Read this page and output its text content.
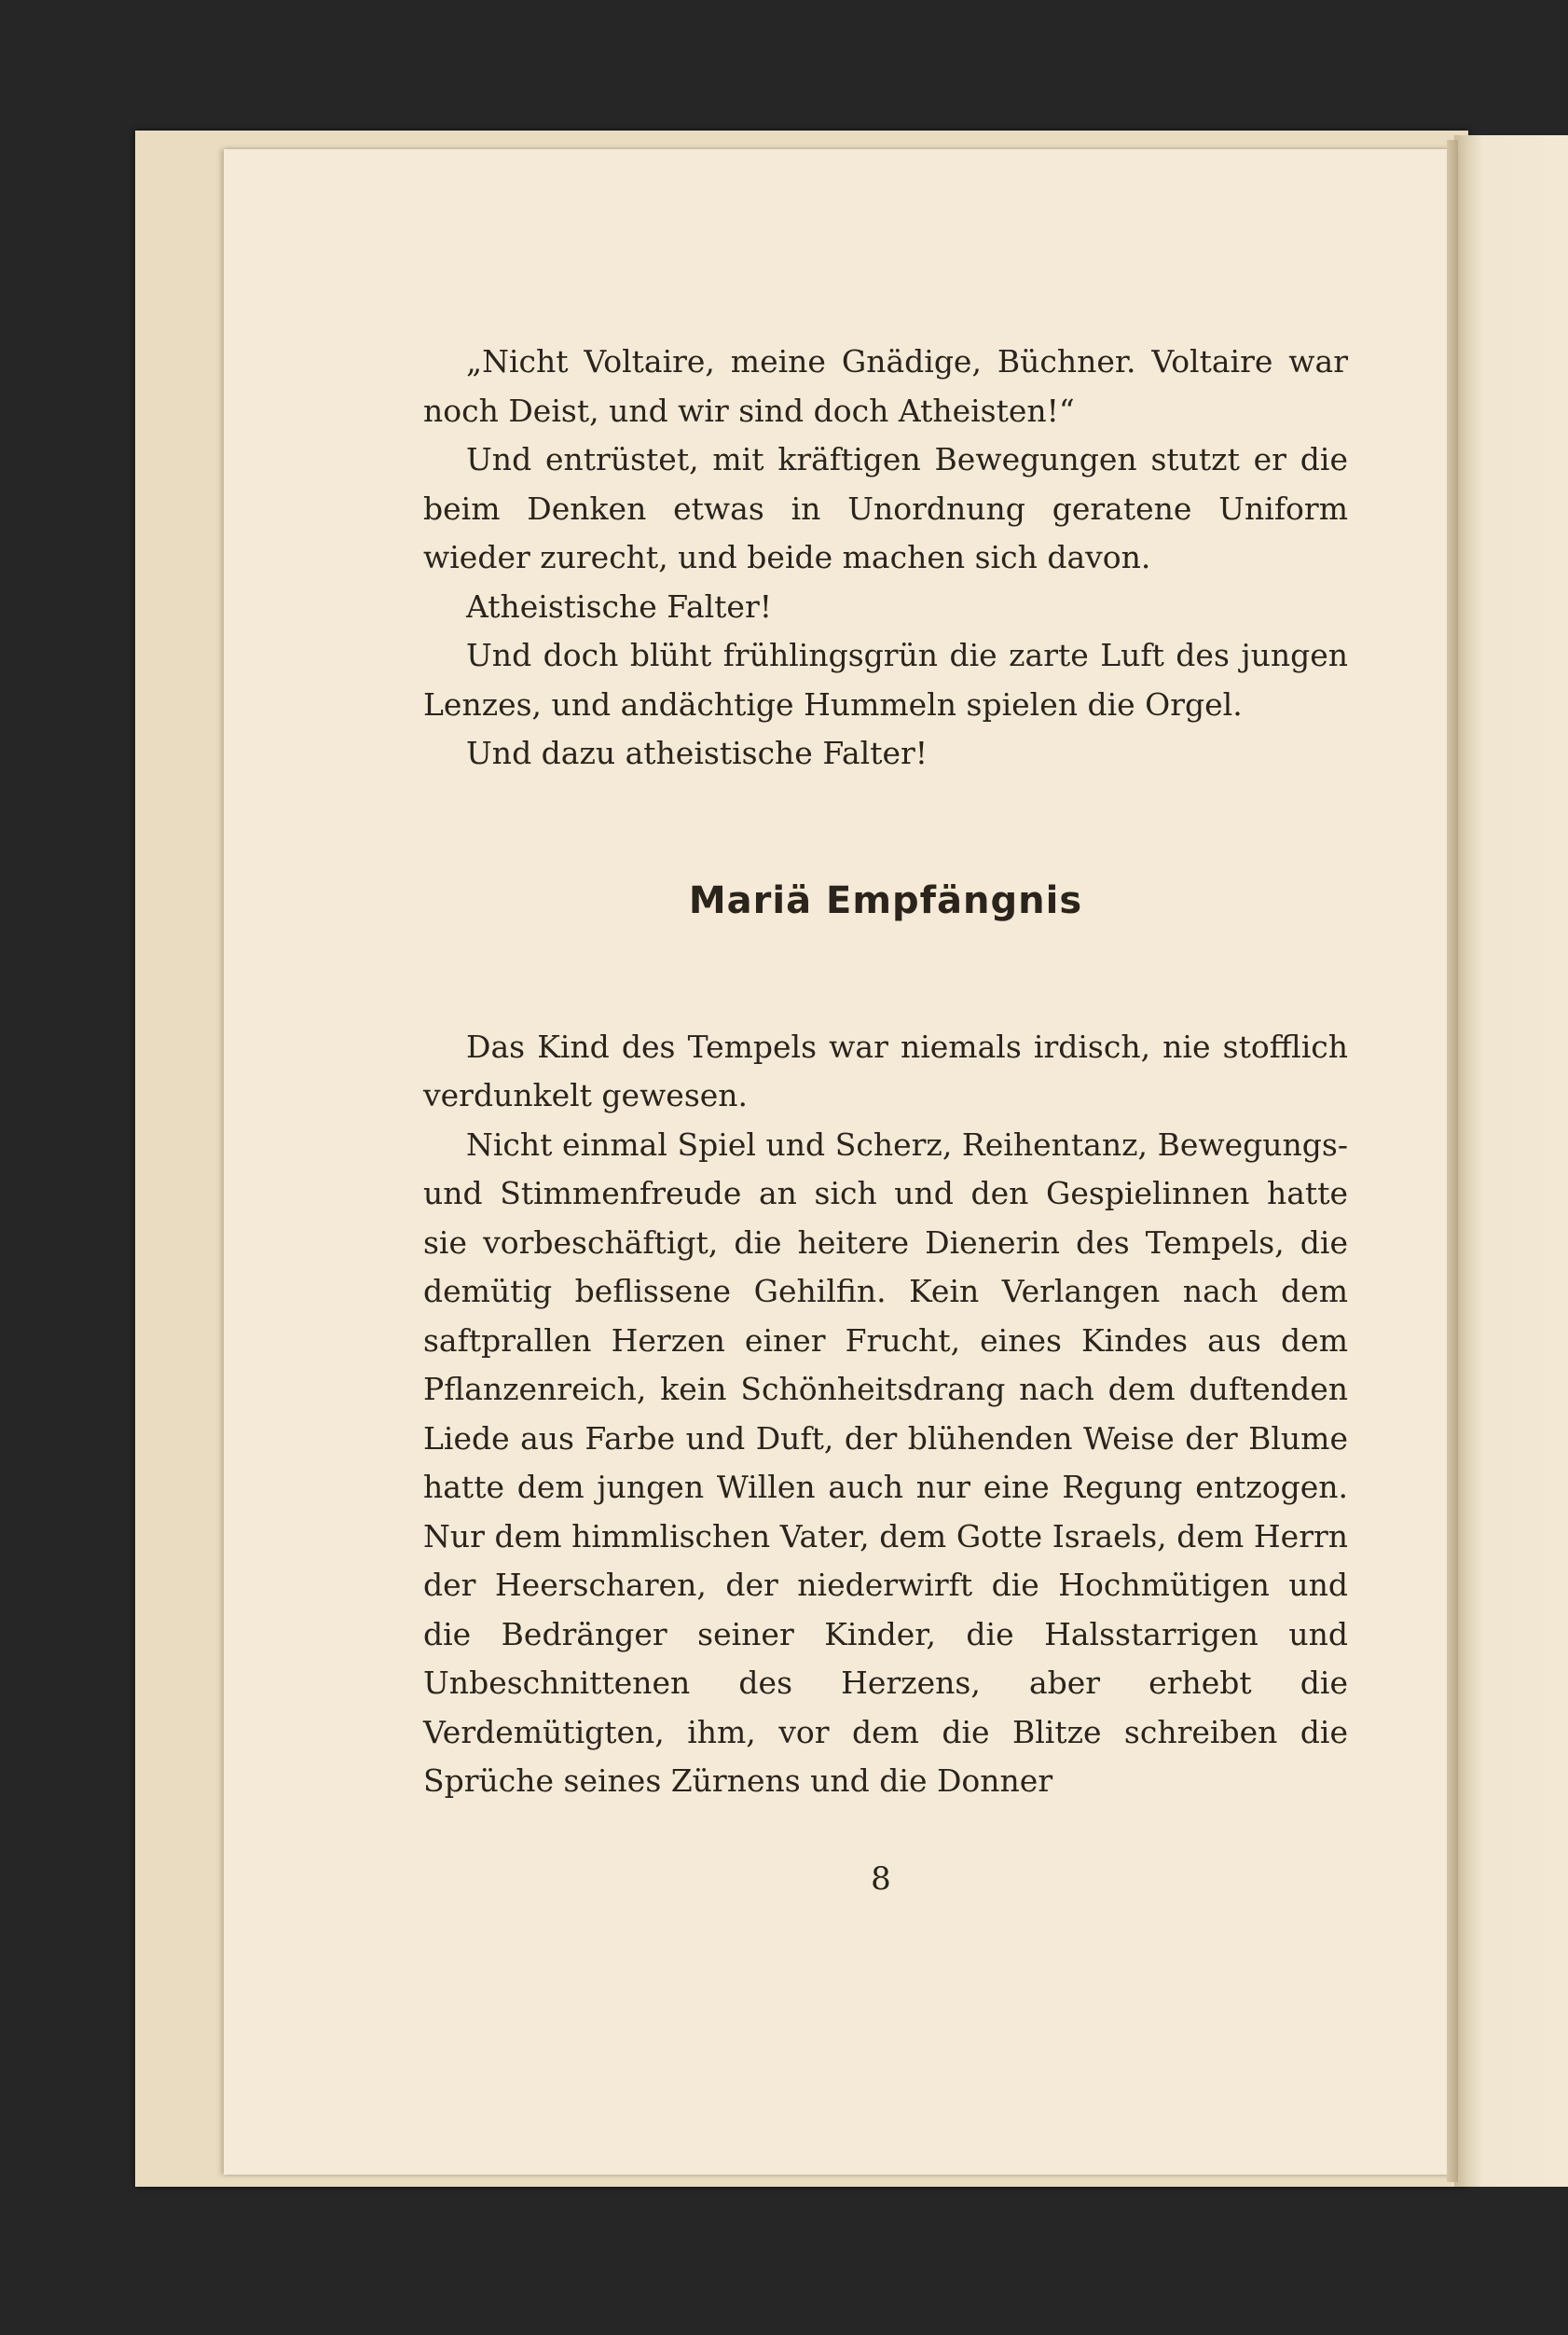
„Nicht Voltaire, meine Gnädige, Büchner. Voltaire war noch Deist, und wir sind doch Atheisten!“

Und entrüstet, mit kräftigen Bewegungen stutzt er die beim Denken etwas in Unordnung geratene Uniform wieder zurecht, und beide machen sich davon.

Atheistische Falter!

Und doch blüht frühlingsgrün die zarte Luft des jungen Lenzes, und andächtige Hummeln spielen die Orgel.

Und dazu atheistische Falter!

Mariä Empfängnis

Das Kind des Tempels war niemals irdisch, nie stofflich verdunkelt gewesen.

Nicht einmal Spiel und Scherz, Reihentanz, Bewegungs- und Stimmenfreude an sich und den Gespielinnen hatte sie vorbeschäftigt, die heitere Dienerin des Tempels, die demütig beflissene Gehilfin. Kein Verlangen nach dem saftprallen Herzen einer Frucht, eines Kindes aus dem Pflanzenreich, kein Schönheitsdrang nach dem duftenden Liede aus Farbe und Duft, der blühenden Weise der Blume hatte dem jungen Willen auch nur eine Regung entzogen. Nur dem himmlischen Vater, dem Gotte Israels, dem Herrn der Heerscharen, der niederwirft die Hochmütigen und die Bedränger seiner Kinder, die Halsstarrigen und Unbeschnittenen des Herzens, aber erhebt die Verdemütigten, ihm, vor dem die Blitze schreiben die Sprüche seines Zürnens und die Donner

8
